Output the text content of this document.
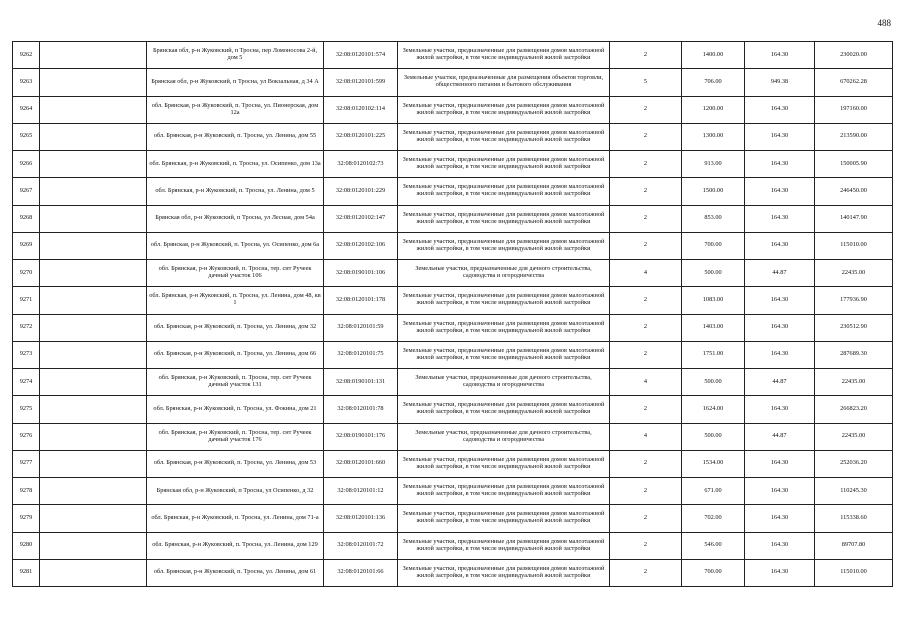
488
9262		Брянская обл, р-н Жуковский, п Тросна, пер Ломоносова 2-й, дом 5	32:08:0120101:574	Земельные участки, предназначенные для размещения домов малоэтажной жилой застройки, в том числе индивидуальной жилой застройки	2	1400.00	164.30	230020.00
9263		Брянская обл, р-н Жуковский, п Тросна, ул Вокзальная, д 34 А	32:08:0120101:599	Земельные участки, предназначенные для размещения объектов торговли, общественного питания и бытового обслуживания	5	706.00	949.38	670262.28
9264		обл. Брянская, р-н Жуковский, п. Тросна, ул. Пионерская, дом 12а	32:08:0120102:114	Земельные участки, предназначенные для размещения домов малоэтажной жилой застройки, в том числе индивидуальной жилой застройки	2	1200.00	164.30	197160.00
9265		обл. Брянская, р-н Жуковский, п. Тросна, ул. Ленина, дом 55	32:08:0120101:225	Земельные участки, предназначенные для размещения домов малоэтажной жилой застройки, в том числе индивидуальной жилой застройки	2	1300.00	164.30	213590.00
9266		обл. Брянская, р-н Жуковский, п. Тросна, ул. Осипенко, дом 13а	32:08:0120102:73	Земельные участки, предназначенные для размещения домов малоэтажной жилой застройки, в том числе индивидуальной жилой застройки	2	913.00	164.30	150005.90
9267		обл. Брянская, р-н Жуковский, п. Тросна, ул. Ленина, дом 5	32:08:0120101:229	Земельные участки, предназначенные для размещения домов малоэтажной жилой застройки, в том числе индивидуальной жилой застройки	2	1500.00	164.30	246450.00
9268		Брянская обл, р-н Жуковский, п Тросна, ул Лесная, дом 54а	32:08:0120102:147	Земельные участки, предназначенные для размещения домов малоэтажной жилой застройки, в том числе индивидуальной жилой застройки	2	853.00	164.30	140147.90
9269		обл. Брянская, р-н Жуковский, п. Тросна, ул. Осипенко, дом 6а	32:08:0120102:106	Земельные участки, предназначенные для размещения домов малоэтажной жилой застройки, в том числе индивидуальной жилой застройки	2	700.00	164.30	115010.00
9270		обл. Брянская, р-н Жуковский, п. Тросна, тер. снт Ручеек дачный участок 106	32:08:0190101:106	Земельные участки, предназначенные для дачного строительства, садоводства и огородничества	4	500.00	44.87	22435.00
9271		обл. Брянская, р-н Жуковский, п. Тросна, ул. Ленина, дом 48, кв 1	32:08:0120101:178	Земельные участки, предназначенные для размещения домов малоэтажной жилой застройки, в том числе индивидуальной жилой застройки	2	1083.00	164.30	177936.90
9272		обл. Брянская, р-н Жуковский, п. Тросна, ул. Ленина, дом 32	32:08:0120101:59	Земельные участки, предназначенные для размещения домов малоэтажной жилой застройки, в том числе индивидуальной жилой застройки	2	1403.00	164.30	230512.90
9273		обл. Брянская, р-н Жуковский, п. Тросна, ул. Ленина, дом 66	32:08:0120101:75	Земельные участки, предназначенные для размещения домов малоэтажной жилой застройки, в том числе индивидуальной жилой застройки	2	1751.00	164.30	287689.30
9274		обл. Брянская, р-н Жуковский, п. Тросна, тер. снт Ручеек дачный участок 131	32:08:0190101:131	Земельные участки, предназначенные для дачного строительства, садоводства и огородничества	4	500.00	44.87	22435.00
9275		обл. Брянская, р-н Жуковский, п. Тросна, ул. Фокина, дом 21	32:08:0120101:78	Земельные участки, предназначенные для размещения домов малоэтажной жилой застройки, в том числе индивидуальной жилой застройки	2	1624.00	164.30	266823.20
9276		обл. Брянская, р-н Жуковский, п. Тросна, тер. снт Ручеек дачный участок 176	32:08:0190101:176	Земельные участки, предназначенные для дачного строительства, садоводства и огородничества	4	500.00	44.87	22435.00
9277		обл. Брянская, р-н Жуковский, п. Тросна, ул. Ленина, дом 53	32:08:0120101:660	Земельные участки, предназначенные для размещения домов малоэтажной жилой застройки, в том числе индивидуальной жилой застройки	2	1534.00	164.30	252036.20
9278		Брянская обл, р-н Жуковский, п Тросна, ул Осипенко, д 32	32:08:0120101:12	Земельные участки, предназначенные для размещения домов малоэтажной жилой застройки, в том числе индивидуальной жилой застройки	2	671.00	164.30	110245.30
9279		обл. Брянская, р-н Жуковский, п. Тросна, ул. Ленина, дом 71-а	32:08:0120101:136	Земельные участки, предназначенные для размещения домов малоэтажной жилой застройки, в том числе индивидуальной жилой застройки	2	702.00	164.30	115338.60
9280		обл. Брянская, р-н Жуковский, п. Тросна, ул. Ленина, дом 129	32:08:0120101:72	Земельные участки, предназначенные для размещения домов малоэтажной жилой застройки, в том числе индивидуальной жилой застройки	2	546.00	164.30	89707.80
9281		обл. Брянская, р-н Жуковский, п. Тросна, ул. Ленина, дом 61	32:08:0120101:66	Земельные участки, предназначенные для размещения домов малоэтажной жилой застройки, в том числе индивидуальной жилой застройки	2	700.00	164.30	115010.00
